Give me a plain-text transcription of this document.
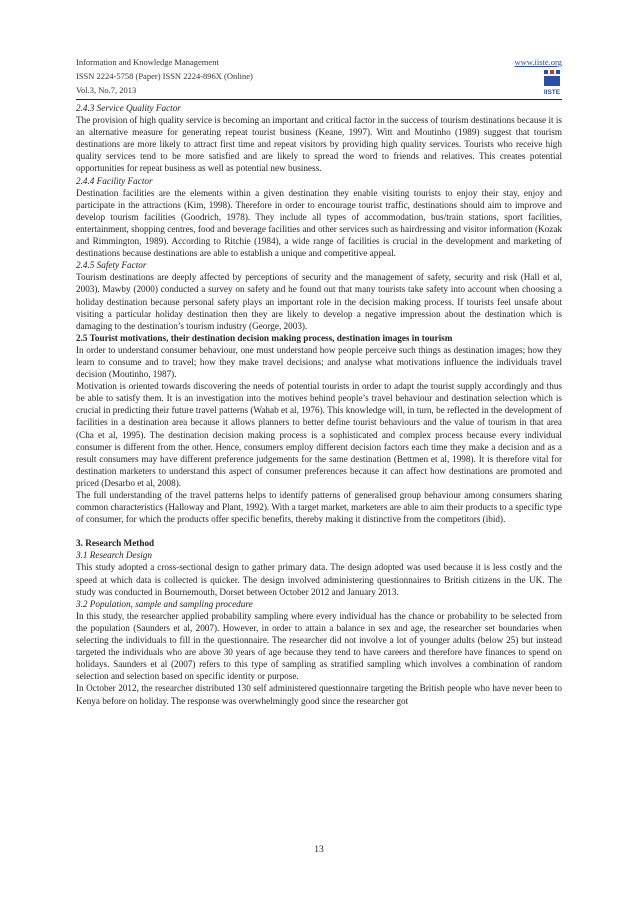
Information and Knowledge Management
ISSN 2224-5758 (Paper) ISSN 2224-896X (Online)
Vol.3, No.7, 2013
www.iiste.org
IISTE

2.4.3 Service Quality Factor

The provision of high quality service is becoming an important and critical factor in the success of tourism destinations because it is an alternative measure for generating repeat tourist business (Keane, 1997). Witt and Moutinho (1989) suggest that tourism destinations are more likely to attract first time and repeat visitors by providing high quality services. Tourists who receive high quality services tend to be more satisfied and are likely to spread the word to friends and relatives. This creates potential opportunities for repeat business as well as potential new business.

2.4.4 Facility Factor

Destination facilities are the elements within a given destination they enable visiting tourists to enjoy their stay, enjoy and participate in the attractions (Kim, 1998). Therefore in order to encourage tourist traffic, destinations should aim to improve and develop tourism facilities (Goodrich, 1978). They include all types of accommodation, bus/train stations, sport facilities, entertainment, shopping centres, food and beverage facilities and other services such as hairdressing and visitor information (Kozak and Rimmington, 1989). According to Ritchie (1984), a wide range of facilities is crucial in the development and marketing of destinations because destinations are able to establish a unique and competitive appeal.

2.4.5 Safety Factor

Tourism destinations are deeply affected by perceptions of security and the management of safety, security and risk (Hall et al, 2003). Mawby (2000) conducted a survey on safety and he found out that many tourists take safety into account when choosing a holiday destination because personal safety plays an important role in the decision making process. If tourists feel unsafe about visiting a particular holiday destination then they are likely to develop a negative impression about the destination which is damaging to the destination’s tourism industry (George, 2003).

2.5 Tourist motivations, their destination decision making process, destination images in tourism

In order to understand consumer behaviour, one must understand how people perceive such things as destination images; how they learn to consume and to travel; how they make travel decisions; and analyse what motivations influence the individuals travel decision (Moutinho, 1987).

Motivation is oriented towards discovering the needs of potential tourists in order to adapt the tourist supply accordingly and thus be able to satisfy them. It is an investigation into the motives behind people’s travel behaviour and destination selection which is crucial in predicting their future travel patterns (Wahab et al, 1976). This knowledge will, in turn, be reflected in the development of facilities in a destination area because it allows planners to better define tourist behaviours and the value of tourism in that area (Cha et al, 1995). The destination decision making process is a sophisticated and complex process because every individual consumer is different from the other. Hence, consumers employ different decision factors each time they make a decision and as a result consumers may have different preference judgements for the same destination (Bettmen et al, 1998). It is therefore vital for destination marketers to understand this aspect of consumer preferences because it can affect how destinations are promoted and priced (Desarbo et al, 2008).

The full understanding of the travel patterns helps to identify patterns of generalised group behaviour among consumers sharing common characteristics (Halloway and Plant, 1992). With a target market, marketers are able to aim their products to a specific type of consumer, for which the products offer specific benefits, thereby making it distinctive from the competitors (ibid).

3. Research Method

3.1 Research Design

This study adopted a cross-sectional design to gather primary data. The design adopted was used because it is less costly and the speed at which data is collected is quicker. The design involved administering questionnaires to British citizens in the UK. The study was conducted in Bournemouth, Dorset between October 2012 and January 2013.

3.2 Population, sample and sampling procedure

In this study, the researcher applied probability sampling where every individual has the chance or probability to be selected from the population (Saunders et al, 2007). However, in order to attain a balance in sex and age, the researcher set boundaries when selecting the individuals to fill in the questionnaire. The researcher did not involve a lot of younger adults (below 25) but instead targeted the individuals who are above 30 years of age because they tend to have careers and therefore have finances to spend on holidays. Saunders et al (2007) refers to this type of sampling as stratified sampling which involves a combination of random selection and selection based on specific identity or purpose.

In October 2012, the researcher distributed 130 self administered questionnaire targeting the British people who have never been to Kenya before on holiday. The response was overwhelmingly good since the researcher got

13
